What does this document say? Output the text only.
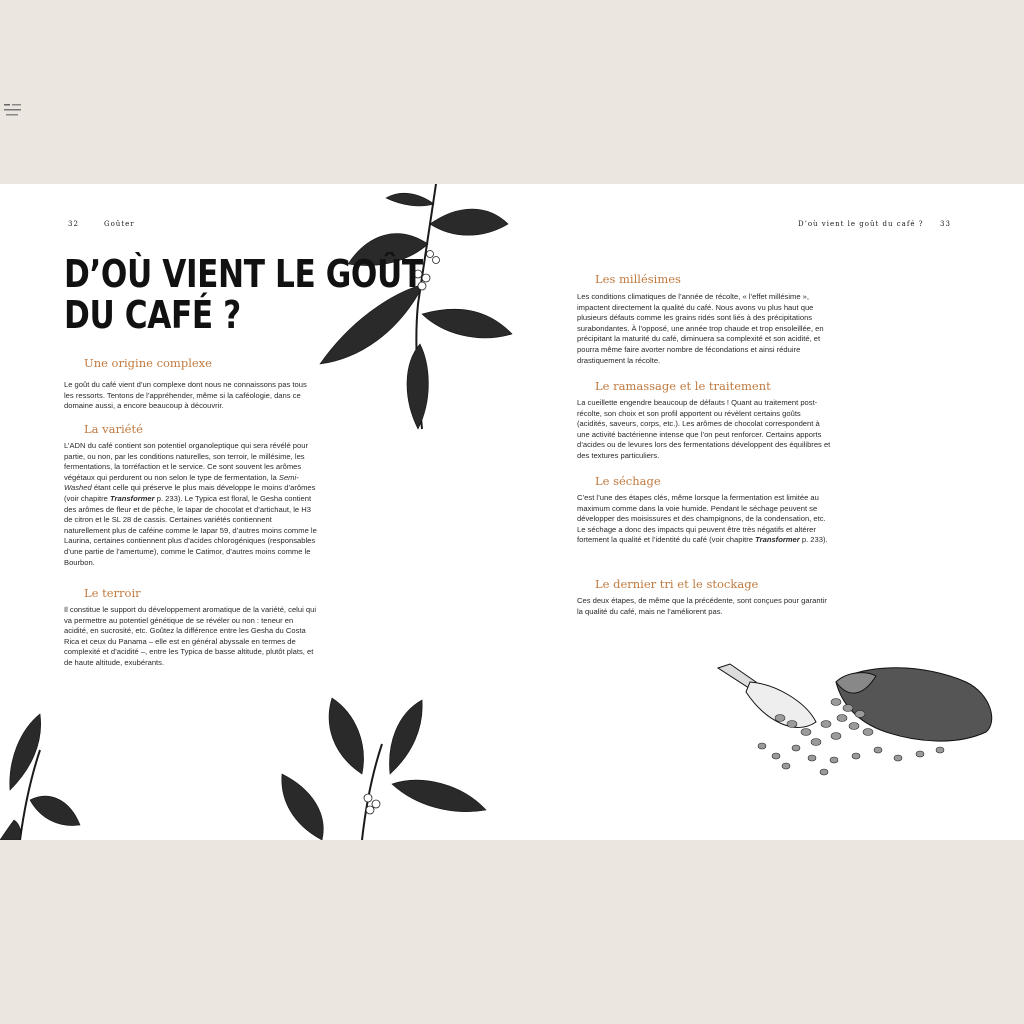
32	Goûter
D’OÙ VIENT LE GOÛT
DU CAFÉ ?
Une origine complexe

Le goût du café vient d’un complexe dont nous ne connaissons pas tous les ressorts. Tentons de l’appréhender, même si la caféologie, dans ce domaine aussi, a encore beaucoup à découvrir.

La variété

L’ADN du café contient son potentiel organoleptique qui sera révélé pour partie, ou non, par les conditions naturelles, son terroir, le millésime, les fermentations, la torréfaction et le service. Ce sont souvent les arômes végétaux qui perdurent ou non selon le type de fermentation, la Semi-Washed étant celle qui préserve le plus mais développe le moins d’arômes (voir chapitre Transformer p. 233). Le Typica est floral, le Gesha contient des arômes de fleur et de pêche, le Iapar de chocolat et d’artichaut, le H3 de citron et le SL 28 de cassis. Certaines variétés contiennent naturellement plus de caféine comme le Iapar 59, d’autres moins comme le Laurina, certaines contiennent plus d’acides chlorogéniques (responsables d’une partie de l’amertume), comme le Catimor, d’autres moins comme le Bourbon.

Le terroir

Il constitue le support du développement aromatique de la variété, celui qui va permettre au potentiel génétique de se révéler ou non : teneur en acidité, en sucrosité, etc. Goûtez la différence entre les Gesha du Costa Rica et ceux du Panama – elle est en général abyssale en termes de complexité et d’acidité –, entre les Typica de basse altitude, plutôt plats, et de haute altitude, exubérants.

D’où vient le goût du café ? 33
Les millésimes

Les conditions climatiques de l’année de récolte, « l’effet millésime », impactent directement la qualité du café. Nous avons vu plus haut que plusieurs défauts comme les grains ridés sont liés à des précipitations surabondantes. À l’opposé, une année trop chaude et trop ensoleillée, en précipitant la maturité du café, diminuera sa complexité et son acidité, et pourra même faire avorter nombre de fécondations et ainsi réduire drastiquement la récolte.

Le ramassage et le traitement

La cueillette engendre beaucoup de défauts ! Quant au traitement post-récolte, son choix et son profil apportent ou révèlent certains goûts (acidités, saveurs, corps, etc.). Les arômes de chocolat correspondent à une activité bactérienne intense que l’on peut renforcer. Certains apports d’acides ou de levures lors des fermentations développent des équilibres et des textures particuliers.

Le séchage

C’est l’une des étapes clés, même lorsque la fermentation est limitée au maximum comme dans la voie humide. Pendant le séchage peuvent se développer des moisissures et des champignons, de la condensation, etc. Le séchage a donc des impacts qui peuvent être très négatifs et altérer fortement la qualité et l’identité du café (voir chapitre Transformer p. 233).

Le dernier tri et le stockage

Ces deux étapes, de même que la précédente, sont conçues pour garantir la qualité du café, mais ne l’améliorent pas.
